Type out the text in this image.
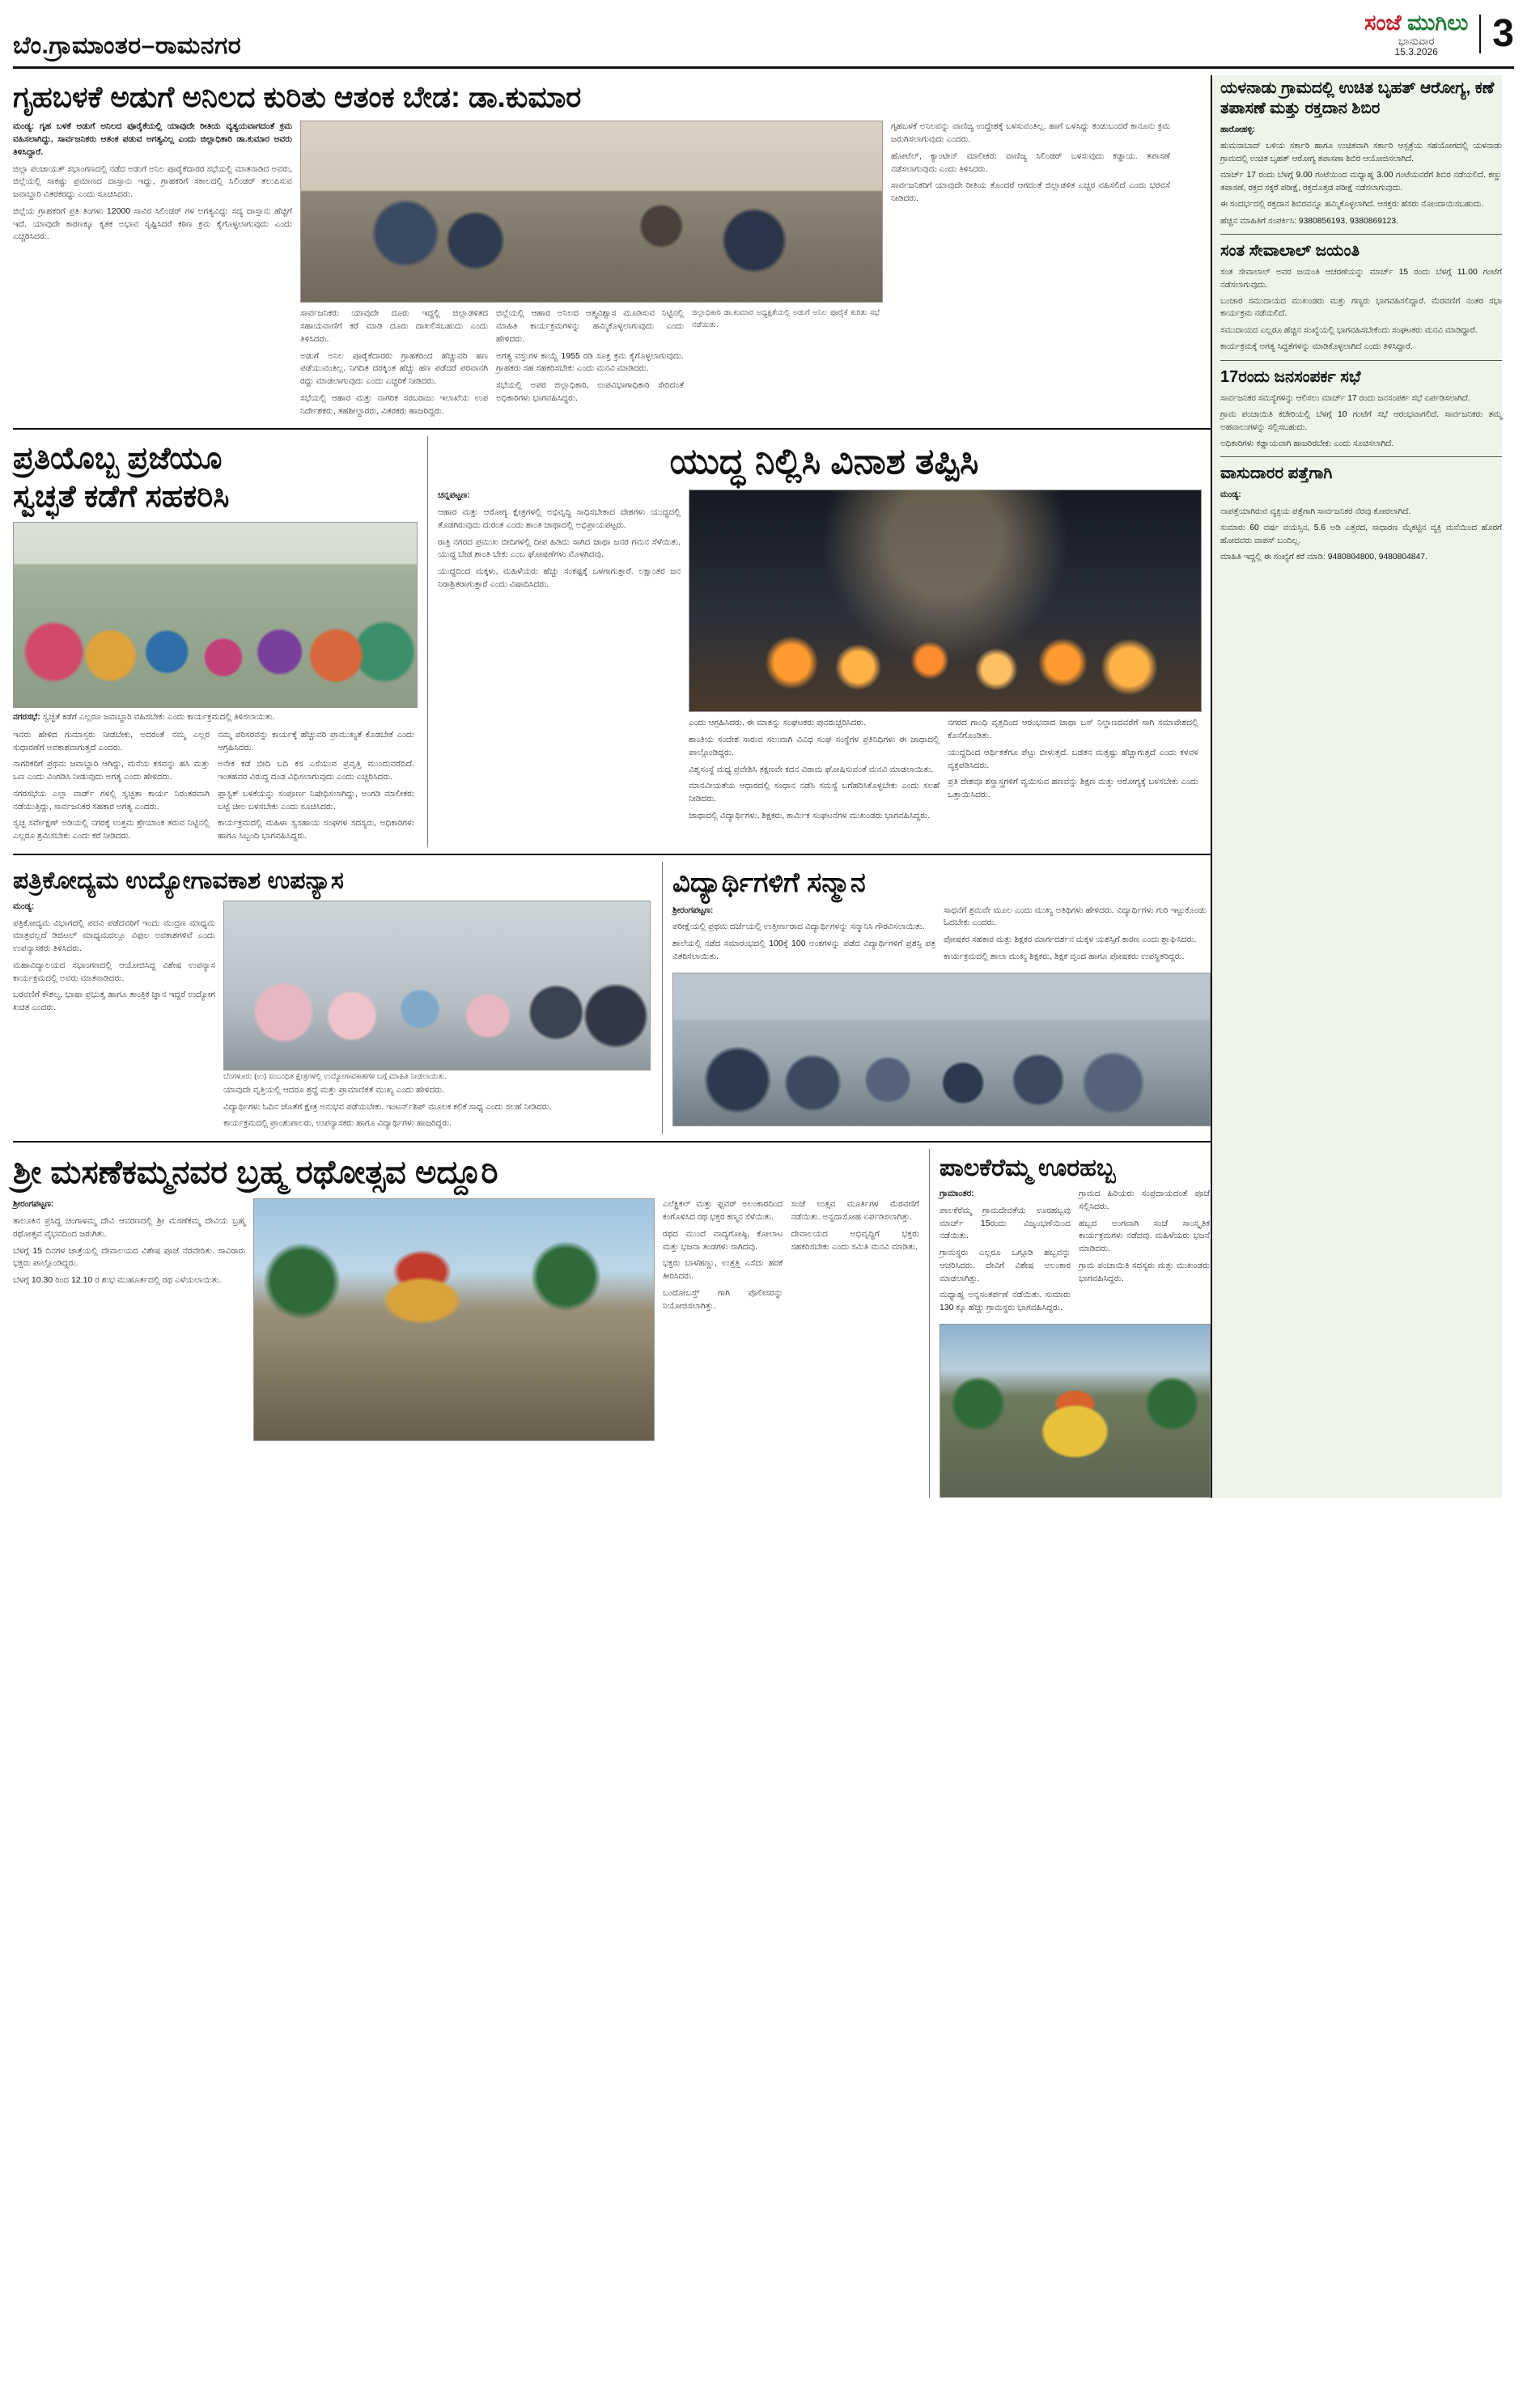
ಬೆಂ.ಗ್ರಾಮಾಂತರ–ರಾಮನಗರ
ಸಂಜೆ ಮುಗಿಲು
ಭಾನುವಾರ
15.3.2026	3
ಗೃಹಬಳಕೆ ಅಡುಗೆ ಅನಿಲದ ಕುರಿತು ಆತಂಕ ಬೇಡ: ಡಾ.ಕುಮಾರ

ಮಂಡ್ಯ: ಗೃಹ ಬಳಕೆ ಅಡುಗೆ ಅನಿಲದ ಪೂರೈಕೆಯಲ್ಲಿ ಯಾವುದೇ ರೀತಿಯ ವ್ಯತ್ಯಯವಾಗದಂತೆ ಕ್ರಮ ವಹಿಸಲಾಗಿದ್ದು, ಸಾರ್ವಜನಿಕರು ಆತಂಕ ಪಡುವ ಅಗತ್ಯವಿಲ್ಲ ಎಂದು ಜಿಲ್ಲಾಧಿಕಾರಿ ಡಾ.ಕುಮಾರ ಅವರು ತಿಳಿಸಿದ್ದಾರೆ.

ಜಿಲ್ಲಾ ಪಂಚಾಯತ್ ಸಭಾಂಗಣದಲ್ಲಿ ನಡೆದ ಅಡುಗೆ ಅನಿಲ ಪೂರೈಕೆದಾರರ ಸಭೆಯಲ್ಲಿ ಮಾತನಾಡಿದ ಅವರು, ಜಿಲ್ಲೆಯಲ್ಲಿ ಸಾಕಷ್ಟು ಪ್ರಮಾಣದ ದಾಸ್ತಾನು ಇದ್ದು, ಗ್ರಾಹಕರಿಗೆ ಸಕಾಲದಲ್ಲಿ ಸಿಲಿಂಡರ್ ತಲುಪಿಸುವ ಜವಾಬ್ದಾರಿ ವಿತರಕರದ್ದು ಎಂದು ಸೂಚಿಸಿದರು.

ಜಿಲ್ಲೆಯ ಗ್ರಾಹಕರಿಗೆ ಪ್ರತಿ ತಿಂಗಳು 12000 ಸಾವಿರ ಸಿಲಿಂಡರ್ ಗಳ ಅಗತ್ಯವಿದ್ದು ಸದ್ಯ ದಾಸ್ತಾನು ಹೆಚ್ಚಿಗೆ ಇದೆ. ಯಾವುದೇ ಕಾರಣಕ್ಕೂ ಕೃತಕ ಅಭಾವ ಸೃಷ್ಟಿಸಿದರೆ ಕಠಿಣ ಕ್ರಮ ಕೈಗೊಳ್ಳಲಾಗುವುದು ಎಂದು ಎಚ್ಚರಿಸಿದರು.

ಸಾರ್ವಜನಿಕರು ಯಾವುದೇ ದೂರು ಇದ್ದಲ್ಲಿ ಜಿಲ್ಲಾಡಳಿತದ ಸಹಾಯವಾಣಿಗೆ ಕರೆ ಮಾಡಿ ದೂರು ದಾಖಲಿಸಬಹುದು ಎಂದು ತಿಳಿಸಿದರು.

ಅಡುಗೆ ಅನಿಲ ಪೂರೈಕೆದಾರರು ಗ್ರಾಹಕರಿಂದ ಹೆಚ್ಚುವರಿ ಹಣ ಪಡೆಯುವಂತಿಲ್ಲ. ನಿಗದಿತ ದರಕ್ಕಿಂತ ಹೆಚ್ಚು ಹಣ ಪಡೆದರೆ ಪರವಾನಗಿ ರದ್ದು ಮಾಡಲಾಗುವುದು ಎಂದು ಎಚ್ಚರಿಕೆ ನೀಡಿದರು.

ಸಭೆಯಲ್ಲಿ ಆಹಾರ ಮತ್ತು ನಾಗರಿಕ ಸರಬರಾಜು ಇಲಾಖೆಯ ಉಪ ನಿರ್ದೇಶಕರು, ತಹಶೀಲ್ದಾರರು, ವಿತರಕರು ಹಾಜರಿದ್ದರು.

ಜಿಲ್ಲೆಯಲ್ಲಿ ಆಹಾರ ಅನಿಲದ ಆತ್ಮವಿಶ್ವಾಸ ಮೂಡಿಸುವ ನಿಟ್ಟಿನಲ್ಲಿ ಮಾಹಿತಿ ಕಾರ್ಯಕ್ರಮಗಳನ್ನು ಹಮ್ಮಿಕೊಳ್ಳಲಾಗುವುದು ಎಂದು ಹೇಳಿದರು.

ಅಗತ್ಯ ವಸ್ತುಗಳ ಕಾಯ್ದೆ 1955 ರಡಿ ಸೂಕ್ತ ಕ್ರಮ ಕೈಗೊಳ್ಳಲಾಗುವುದು. ಗ್ರಾಹಕರು ಸಹ ಸಹಕರಿಸಬೇಕು ಎಂದು ಮನವಿ ಮಾಡಿದರು.

ಸಭೆಯಲ್ಲಿ ಅಪರ ಜಿಲ್ಲಾಧಿಕಾರಿ, ಉಪವಿಭಾಗಾಧಿಕಾರಿ ಸೇರಿದಂತೆ ಅಧಿಕಾರಿಗಳು ಭಾಗವಹಿಸಿದ್ದರು.

ಜಿಲ್ಲಾಧಿಕಾರಿ ಡಾ.ಕುಮಾರ ಅಧ್ಯಕ್ಷತೆಯಲ್ಲಿ ಅಡುಗೆ ಅನಿಲ ಪೂರೈಕೆ ಕುರಿತು ಸಭೆ ನಡೆಯಿತು.

ಗೃಹಬಳಕೆ ಅನಿಲವನ್ನು ವಾಣಿಜ್ಯ ಉದ್ದೇಶಕ್ಕೆ ಬಳಸುವಂತಿಲ್ಲ. ಹಾಗೆ ಬಳಸಿದ್ದು ಕಂಡುಬಂದರೆ ಕಾನೂನು ಕ್ರಮ ಜರುಗಿಸಲಾಗುವುದು ಎಂದರು.

ಹೋಟೆಲ್, ಕ್ಯಾಂಟೀನ್ ಮಾಲೀಕರು ವಾಣಿಜ್ಯ ಸಿಲಿಂಡರ್ ಬಳಸುವುದು ಕಡ್ಡಾಯ. ತಪಾಸಣೆ ನಡೆಸಲಾಗುವುದು ಎಂದು ತಿಳಿಸಿದರು.

ಸಾರ್ವಜನಿಕರಿಗೆ ಯಾವುದೇ ರೀತಿಯ ತೊಂದರೆ ಆಗದಂತೆ ಜಿಲ್ಲಾಡಳಿತ ಎಚ್ಚರ ವಹಿಸಲಿದೆ ಎಂದು ಭರವಸೆ ನೀಡಿದರು.

ಪ್ರತಿಯೊಬ್ಬ ಪ್ರಜೆಯೂ
ಸ್ವಚ್ಛತೆ ಕಡೆಗೆ ಸಹಕರಿಸಿ
ನಗರಸಭೆ: ಸ್ವಚ್ಛತೆ ಕಡೆಗೆ ಎಲ್ಲರೂ ಜವಾಬ್ದಾರಿ ವಹಿಸಬೇಕು ಎಂದು ಕಾರ್ಯಕ್ರಮದಲ್ಲಿ ತಿಳಿಸಲಾಯಿತು.

ಇವರು ಹೇಳಿದ ಗುಮಾಸ್ತರು ನೀಡಬೇಕು, ಅದರಂತೆ ನಮ್ಮ ಎಲ್ಲರ ಸುಧಾರಣೆಗೆ ಅವಕಾಶವಾಗುತ್ತದೆ ಎಂದರು.

ನಾಗರಿಕರಿಗೆ ಪ್ರಥಮ ಜವಾಬ್ದಾರಿ ಆಗಿದ್ದು, ಮನೆಯ ಕಸವನ್ನು ಹಸಿ ಮತ್ತು ಒಣ ಎಂದು ವಿಂಗಡಿಸಿ ನೀಡುವುದು ಅಗತ್ಯ ಎಂದು ಹೇಳಿದರು.

ನಗರಸಭೆಯ ಎಲ್ಲಾ ವಾರ್ಡ್ ಗಳಲ್ಲಿ ಸ್ವಚ್ಛತಾ ಕಾರ್ಯ ನಿರಂತರವಾಗಿ ನಡೆಯುತ್ತಿದ್ದು, ಸಾರ್ವಜನಿಕರ ಸಹಕಾರ ಅಗತ್ಯ ಎಂದರು.

ಸ್ವಚ್ಛ ಸರ್ವೇಕ್ಷಣ್ ಅಡಿಯಲ್ಲಿ ನಗರಕ್ಕೆ ಉತ್ತಮ ಶ್ರೇಯಾಂಕ ತರುವ ನಿಟ್ಟಿನಲ್ಲಿ ಎಲ್ಲರೂ ಶ್ರಮಿಸಬೇಕು ಎಂದು ಕರೆ ನೀಡಿದರು.

ನಮ್ಮ ಪರಿಸರವನ್ನು ಕಾರ್ಯಕ್ಕೆ ಹೆಚ್ಚುವರಿ ಪ್ರಾಮುಖ್ಯತೆ ಕೊಡಬೇಕೆ ಎಂದು ಆಗ್ರಹಿಸಿದರು.

ಅನೇಕ ಕಡೆ ಬೀದಿ ಬದಿ ಕಸ ಎಸೆಯುವ ಪ್ರವೃತ್ತಿ ಮುಂದುವರೆದಿದೆ. ಇಂತಹವರ ವಿರುದ್ಧ ದಂಡ ವಿಧಿಸಲಾಗುವುದು ಎಂದು ಎಚ್ಚರಿಸಿದರು.

ಪ್ಲಾಸ್ಟಿಕ್ ಬಳಕೆಯನ್ನು ಸಂಪೂರ್ಣ ನಿಷೇಧಿಸಲಾಗಿದ್ದು, ಅಂಗಡಿ ಮಾಲೀಕರು ಬಟ್ಟೆ ಚೀಲ ಬಳಸಬೇಕು ಎಂದು ಸೂಚಿಸಿದರು.

ಕಾರ್ಯಕ್ರಮದಲ್ಲಿ ಮಹಿಳಾ ಸ್ವಸಹಾಯ ಸಂಘಗಳ ಸದಸ್ಯರು, ಅಧಿಕಾರಿಗಳು ಹಾಗೂ ಸಿಬ್ಬಂದಿ ಭಾಗವಹಿಸಿದ್ದರು.

ಯುದ್ಧ ನಿಲ್ಲಿಸಿ ವಿನಾಶ ತಪ್ಪಿಸಿ

ಚನ್ನಪಟ್ಟಣ:

ಆಹಾರ ಮತ್ತು ಆರೋಗ್ಯ ಕ್ಷೇತ್ರಗಳಲ್ಲಿ ಅಭಿವೃದ್ಧಿ ಸಾಧಿಸಬೇಕಾದ ದೇಶಗಳು ಯುದ್ಧದಲ್ಲಿ ತೊಡಗಿರುವುದು ದುರಂತ ಎಂದು ಶಾಂತಿ ಜಾಥಾದಲ್ಲಿ ಅಭಿಪ್ರಾಯಪಟ್ಟರು.

ರಾತ್ರಿ ನಗರದ ಪ್ರಮುಖ ಬೀದಿಗಳಲ್ಲಿ ದೀಪ ಹಿಡಿದು ಸಾಗಿದ ಜಾಥಾ ಜನರ ಗಮನ ಸೆಳೆಯಿತು. ಯುದ್ಧ ಬೇಡ ಶಾಂತಿ ಬೇಕು ಎಂಬ ಘೋಷಣೆಗಳು ಮೊಳಗಿದವು.

ಯುದ್ಧದಿಂದ ಮಕ್ಕಳು, ಮಹಿಳೆಯರು ಹೆಚ್ಚು ಸಂಕಷ್ಟಕ್ಕೆ ಒಳಗಾಗುತ್ತಾರೆ. ಲಕ್ಷಾಂತರ ಜನ ನಿರಾಶ್ರಿತರಾಗುತ್ತಾರೆ ಎಂದು ವಿಷಾದಿಸಿದರು.

ಎಂದು ಆಗ್ರಹಿಸಿದರು. ಈ ಮಾತನ್ನು ಸಂಘಟಕರು ಪುನರುಚ್ಚರಿಸಿದರು.

ಶಾಂತಿಯ ಸಂದೇಶ ಸಾರುವ ಸಲುವಾಗಿ ವಿವಿಧ ಸಂಘ ಸಂಸ್ಥೆಗಳ ಪ್ರತಿನಿಧಿಗಳು ಈ ಜಾಥಾದಲ್ಲಿ ಪಾಲ್ಗೊಂಡಿದ್ದರು.

ವಿಶ್ವಸಂಸ್ಥೆ ಮಧ್ಯ ಪ್ರವೇಶಿಸಿ ತಕ್ಷಣವೇ ಕದನ ವಿರಾಮ ಘೋಷಿಸುವಂತೆ ಮನವಿ ಮಾಡಲಾಯಿತು.

ಮಾನವೀಯತೆಯ ಆಧಾರದಲ್ಲಿ ಸಂಧಾನ ನಡೆಸಿ ಸಮಸ್ಯೆ ಬಗೆಹರಿಸಿಕೊಳ್ಳಬೇಕು ಎಂದು ಸಲಹೆ ನೀಡಿದರು.

ಜಾಥಾದಲ್ಲಿ ವಿದ್ಯಾರ್ಥಿಗಳು, ಶಿಕ್ಷಕರು, ಕಾರ್ಮಿಕ ಸಂಘಟನೆಗಳ ಮುಖಂಡರು ಭಾಗವಹಿಸಿದ್ದರು.

ನಗರದ ಗಾಂಧಿ ವೃತ್ತದಿಂದ ಆರಂಭವಾದ ಜಾಥಾ ಬಸ್ ನಿಲ್ದಾಣದವರೆಗೆ ಸಾಗಿ ಸಮಾವೇಶದಲ್ಲಿ ಕೊನೆಗೊಂಡಿತು.

ಯುದ್ಧದಿಂದ ಆರ್ಥಿಕತೆಗೂ ಪೆಟ್ಟು ಬೀಳುತ್ತದೆ. ಬಡತನ ಮತ್ತಷ್ಟು ಹೆಚ್ಚಾಗುತ್ತದೆ ಎಂದು ಕಳವಳ ವ್ಯಕ್ತಪಡಿಸಿದರು.

ಪ್ರತಿ ದೇಶವೂ ಶಸ್ತ್ರಾಸ್ತ್ರಗಳಿಗೆ ವ್ಯಯಿಸುವ ಹಣವನ್ನು ಶಿಕ್ಷಣ ಮತ್ತು ಆರೋಗ್ಯಕ್ಕೆ ಬಳಸಬೇಕು ಎಂದು ಒತ್ತಾಯಿಸಿದರು.

ಪತ್ರಿಕೋದ್ಯಮ ಉದ್ಯೋಗಾವಕಾಶ ಉಪನ್ಯಾಸ

ಮಂಡ್ಯ:

ಪತ್ರಿಕೋದ್ಯಮ ವಿಭಾಗದಲ್ಲಿ ಪದವಿ ಪಡೆದವರಿಗೆ ಇಂದು ಮುದ್ರಣ ಮಾಧ್ಯಮ ಮಾತ್ರವಲ್ಲದೆ ಡಿಜಿಟಲ್ ಮಾಧ್ಯಮದಲ್ಲೂ ವಿಫುಲ ಅವಕಾಶಗಳಿವೆ ಎಂದು ಉಪನ್ಯಾಸಕರು ತಿಳಿಸಿದರು.

ಮಹಾವಿದ್ಯಾಲಯದ ಸಭಾಂಗಣದಲ್ಲಿ ಆಯೋಜಿಸಿದ್ದ ವಿಶೇಷ ಉಪನ್ಯಾಸ ಕಾರ್ಯಕ್ರಮದಲ್ಲಿ ಅವರು ಮಾತನಾಡಿದರು.

ಬರವಣಿಗೆ ಕೌಶಲ್ಯ, ಭಾಷಾ ಪ್ರಭುತ್ವ ಹಾಗೂ ತಾಂತ್ರಿಕ ಜ್ಞಾನ ಇದ್ದರೆ ಉದ್ಯೋಗ ಖಚಿತ ಎಂದರು.

ಬೆಂಗಳೂರು (ಉ) ಸಂಬಂಧಿತ ಕ್ಷೇತ್ರಗಳಲ್ಲಿ ಉದ್ಯೋಗಾವಕಾಶಗಳ ಬಗ್ಗೆ ಮಾಹಿತಿ ನೀಡಲಾಯಿತು.

ಯಾವುದೇ ವೃತ್ತಿಯಲ್ಲಿ ಆದರೂ ಶ್ರದ್ಧೆ ಮತ್ತು ಪ್ರಾಮಾಣಿಕತೆ ಮುಖ್ಯ ಎಂದು ಹೇಳಿದರು.

ವಿದ್ಯಾರ್ಥಿಗಳು ಓದಿನ ಜೊತೆಗೆ ಕ್ಷೇತ್ರ ಅನುಭವ ಪಡೆಯಬೇಕು. ಇಂಟರ್ನ್‌ಶಿಪ್ ಮೂಲಕ ಕಲಿಕೆ ಸಾಧ್ಯ ಎಂದು ಸಲಹೆ ನೀಡಿದರು.

ಕಾರ್ಯಕ್ರಮದಲ್ಲಿ ಪ್ರಾಂಶುಪಾಲರು, ಉಪನ್ಯಾಸಕರು ಹಾಗೂ ವಿದ್ಯಾರ್ಥಿಗಳು ಹಾಜರಿದ್ದರು.

ವಿದ್ಯಾರ್ಥಿಗಳಿಗೆ ಸನ್ಮಾನ

ಶ್ರೀರಂಗಪಟ್ಟಣ:

ಪರೀಕ್ಷೆಯಲ್ಲಿ ಪ್ರಥಮ ದರ್ಜೆಯಲ್ಲಿ ಉತ್ತೀರ್ಣರಾದ ವಿದ್ಯಾರ್ಥಿಗಳನ್ನು ಸನ್ಮಾನಿಸಿ ಗೌರವಿಸಲಾಯಿತು.

ಶಾಲೆಯಲ್ಲಿ ನಡೆದ ಸಮಾರಂಭದಲ್ಲಿ 100ಕ್ಕೆ 100 ಅಂಕಗಳನ್ನು ಪಡೆದ ವಿದ್ಯಾರ್ಥಿಗಳಿಗೆ ಪ್ರಶಸ್ತಿ ಪತ್ರ ವಿತರಿಸಲಾಯಿತು.

ಸಾಧನೆಗೆ ಶ್ರಮವೇ ಮೂಲ ಎಂದು ಮುಖ್ಯ ಅತಿಥಿಗಳು ಹೇಳಿದರು. ವಿದ್ಯಾರ್ಥಿಗಳು ಗುರಿ ಇಟ್ಟುಕೊಂಡು ಓದಬೇಕು ಎಂದರು.

ಪೋಷಕರ ಸಹಕಾರ ಮತ್ತು ಶಿಕ್ಷಕರ ಮಾರ್ಗದರ್ಶನ ಮಕ್ಕಳ ಯಶಸ್ಸಿಗೆ ಕಾರಣ ಎಂದು ಶ್ಲಾಘಿಸಿದರು.

ಕಾರ್ಯಕ್ರಮದಲ್ಲಿ ಶಾಲಾ ಮುಖ್ಯ ಶಿಕ್ಷಕರು, ಶಿಕ್ಷಕ ವೃಂದ ಹಾಗೂ ಪೋಷಕರು ಉಪಸ್ಥಿತರಿದ್ದರು.

ಶ್ರೀ ಮಸಣೆಕಮ್ಮನವರ ಬ್ರಹ್ಮ ರಥೋತ್ಸವ ಅದ್ದೂರಿ

ಶ್ರೀರಂಗಪಟ್ಟಣ:

ತಾಲೂಕಿನ ಪ್ರಸಿದ್ಧ ಚಂಗಾಳಮ್ಮ ದೇವಿ ಆವರಣದಲ್ಲಿ ಶ್ರೀ ಮಸಣೆಕಮ್ಮ ದೇವಿಯ ಬ್ರಹ್ಮ ರಥೋತ್ಸವ ವೈಭವದಿಂದ ಜರುಗಿತು.

ಬೆಳಗ್ಗೆ 15 ದಿನಗಳ ಜಾತ್ರೆಯಲ್ಲಿ ದೇವಾಲಯದ ವಿಶೇಷ ಪೂಜೆ ನೆರವೇರಿತು. ಸಾವಿರಾರು ಭಕ್ತರು ಪಾಲ್ಗೊಂಡಿದ್ದರು.

ಬೆಳಗ್ಗೆ 10.30 ರಿಂದ 12.10 ರ ಶುಭ ಮುಹೂರ್ತದಲ್ಲಿ ರಥ ಎಳೆಯಲಾಯಿತು.

ಎಲೆಕ್ಟ್ರಿಕಲ್ ಮತ್ತು ಫ್ಲವರ್ ಅಲಂಕಾರದಿಂದ ಕಂಗೊಳಿಸಿದ ರಥ ಭಕ್ತರ ಕಣ್ಮನ ಸೆಳೆಯಿತು.

ರಥದ ಮುಂದೆ ವಾದ್ಯಗೋಷ್ಠಿ, ಕೋಲಾಟ ಮತ್ತು ಭಜನಾ ತಂಡಗಳು ಸಾಗಿದವು.

ಭಕ್ತರು ಬಾಳೆಹಣ್ಣು, ಉತ್ತತ್ತಿ ಎಸೆದು ಹರಕೆ ತೀರಿಸಿದರು.

ಬಂದೋಬಸ್ತ್ ಗಾಗಿ ಪೊಲೀಸರನ್ನು ನಿಯೋಜಿಸಲಾಗಿತ್ತು.

ಸಂಜೆ ಉತ್ಸವ ಮೂರ್ತಿಗಳ ಮೆರವಣಿಗೆ ನಡೆಯಿತು. ಅನ್ನದಾಸೋಹ ಏರ್ಪಡಿಸಲಾಗಿತ್ತು.

ದೇವಾಲಯದ ಅಭಿವೃದ್ಧಿಗೆ ಭಕ್ತರು ಸಹಕರಿಸಬೇಕು ಎಂದು ಸಮಿತಿ ಮನವಿ ಮಾಡಿತು.

ಪಾಲಕೆರೆಮ್ಮ ಊರಹಬ್ಬ

ಗ್ರಾಮಾಂತರ:

ಪಾಲಕೆರೆಮ್ಮ ಗ್ರಾಮದೇವತೆಯ ಊರಹಬ್ಬವು ಮಾರ್ಚ್ 15ರಂದು ವಿಜೃಂಭಣೆಯಿಂದ ನಡೆಯಿತು.

ಗ್ರಾಮಸ್ಥರು ಎಲ್ಲರೂ ಒಗ್ಗೂಡಿ ಹಬ್ಬವನ್ನು ಆಚರಿಸಿದರು. ದೇವಿಗೆ ವಿಶೇಷ ಅಲಂಕಾರ ಮಾಡಲಾಗಿತ್ತು.

ಮಧ್ಯಾಹ್ನ ಅನ್ನಸಂತರ್ಪಣೆ ನಡೆಯಿತು. ಸುಮಾರು 130 ಕ್ಕೂ ಹೆಚ್ಚು ಗ್ರಾಮಸ್ಥರು ಭಾಗವಹಿಸಿದ್ದರು.

ಗ್ರಾಮದ ಹಿರಿಯರು ಸಂಪ್ರದಾಯದಂತೆ ಪೂಜೆ ಸಲ್ಲಿಸಿದರು.

ಹಬ್ಬದ ಅಂಗವಾಗಿ ಸಂಜೆ ಸಾಂಸ್ಕೃತಿಕ ಕಾರ್ಯಕ್ರಮಗಳು ನಡೆದವು. ಮಹಿಳೆಯರು ಭಜನೆ ಮಾಡಿದರು.

ಗ್ರಾಮ ಪಂಚಾಯಿತಿ ಸದಸ್ಯರು ಮತ್ತು ಮುಖಂಡರು ಭಾಗವಹಿಸಿದ್ದರು.

ಯಳನಾಡು ಗ್ರಾಮದಲ್ಲಿ ಉಚಿತ ಬೃಹತ್ ಆರೋಗ್ಯ, ಕಣೆ ತಪಾಸಣೆ ಮತ್ತು ರಕ್ತದಾನ ಶಿಬಿರ

ಹಾರೋಹಳ್ಳಿ:

ಹುಮನಾಬಾದ್ ಬಳಿಯ ಸರ್ಕಾರಿ ಹಾಗೂ ಉಚಿತವಾಗಿ ಸರ್ಕಾರಿ ಆಸ್ಪತ್ರೆಯ ಸಹಯೋಗದಲ್ಲಿ ಯಳನಾಡು ಗ್ರಾಮದಲ್ಲಿ ಉಚಿತ ಬೃಹತ್ ಆರೋಗ್ಯ ತಪಾಸಣಾ ಶಿಬಿರ ಆಯೋಜಿಸಲಾಗಿದೆ.

ಮಾರ್ಚ್ 17 ರಂದು ಬೆಳಗ್ಗೆ 9.00 ಗಂಟೆಯಿಂದ ಮಧ್ಯಾಹ್ನ 3.00 ಗಂಟೆಯವರೆಗೆ ಶಿಬಿರ ನಡೆಯಲಿದೆ. ಕಣ್ಣು ತಪಾಸಣೆ, ರಕ್ತದ ಸಕ್ಕರೆ ಪರೀಕ್ಷೆ, ರಕ್ತದೊತ್ತಡ ಪರೀಕ್ಷೆ ನಡೆಸಲಾಗುವುದು.

ಈ ಸಂದರ್ಭದಲ್ಲಿ ರಕ್ತದಾನ ಶಿಬಿರವನ್ನೂ ಹಮ್ಮಿಕೊಳ್ಳಲಾಗಿದೆ. ಆಸಕ್ತರು ಹೆಸರು ನೋಂದಾಯಿಸಬಹುದು.

ಹೆಚ್ಚಿನ ಮಾಹಿತಿಗೆ ಸಂಪರ್ಕಿಸಿ: 9380856193, 9380869123.

ಸಂತ ಸೇವಾಲಾಲ್ ಜಯಂತಿ

ಸಂತ ಸೇವಾಲಾಲ್ ಅವರ ಜಯಂತಿ ಆಚರಣೆಯನ್ನು ಮಾರ್ಚ್ 15 ರಂದು ಬೆಳಗ್ಗೆ 11.00 ಗಂಟೆಗೆ ನಡೆಸಲಾಗುವುದು.

ಬಂಜಾರ ಸಮುದಾಯದ ಮುಖಂಡರು ಮತ್ತು ಗಣ್ಯರು ಭಾಗವಹಿಸಲಿದ್ದಾರೆ. ಮೆರವಣಿಗೆ ನಂತರ ಸಭಾ ಕಾರ್ಯಕ್ರಮ ನಡೆಯಲಿದೆ.

ಸಮುದಾಯದ ಎಲ್ಲರೂ ಹೆಚ್ಚಿನ ಸಂಖ್ಯೆಯಲ್ಲಿ ಭಾಗವಹಿಸಬೇಕೆಂದು ಸಂಘಟಕರು ಮನವಿ ಮಾಡಿದ್ದಾರೆ.

ಕಾರ್ಯಕ್ರಮಕ್ಕೆ ಅಗತ್ಯ ಸಿದ್ಧತೆಗಳನ್ನು ಮಾಡಿಕೊಳ್ಳಲಾಗಿದೆ ಎಂದು ತಿಳಿಸಿದ್ದಾರೆ.

17ರಂದು ಜನಸಂಪರ್ಕ ಸಭೆ

ಸಾರ್ವಜನಿಕರ ಸಮಸ್ಯೆಗಳನ್ನು ಆಲಿಸಲು ಮಾರ್ಚ್ 17 ರಂದು ಜನಸಂಪರ್ಕ ಸಭೆ ಏರ್ಪಡಿಸಲಾಗಿದೆ.

ಗ್ರಾಮ ಪಂಚಾಯಿತಿ ಕಚೇರಿಯಲ್ಲಿ ಬೆಳಗ್ಗೆ 10 ಗಂಟೆಗೆ ಸಭೆ ಆರಂಭವಾಗಲಿದೆ. ಸಾರ್ವಜನಿಕರು ತಮ್ಮ ಅಹವಾಲುಗಳನ್ನು ಸಲ್ಲಿಸಬಹುದು.

ಅಧಿಕಾರಿಗಳು ಕಡ್ಡಾಯವಾಗಿ ಹಾಜರಿರಬೇಕು ಎಂದು ಸೂಚಿಸಲಾಗಿದೆ.

ವಾಸುದಾರರ ಪತ್ತೆಗಾಗಿ

ಮಂಡ್ಯ:

ನಾಪತ್ತೆಯಾಗಿರುವ ವ್ಯಕ್ತಿಯ ಪತ್ತೆಗಾಗಿ ಸಾರ್ವಜನಿಕರ ನೆರವು ಕೋರಲಾಗಿದೆ.

ಸುಮಾರು 60 ವರ್ಷ ವಯಸ್ಸಿನ, 5.6 ಅಡಿ ಎತ್ತರದ, ಸಾಧಾರಣ ಮೈಕಟ್ಟಿನ ವ್ಯಕ್ತಿ ಮನೆಯಿಂದ ಹೊರಗೆ ಹೋದವರು ವಾಪಸ್ ಬಂದಿಲ್ಲ.

ಮಾಹಿತಿ ಇದ್ದಲ್ಲಿ ಈ ಸಂಖ್ಯೆಗೆ ಕರೆ ಮಾಡಿ: 9480804800, 9480804847.
